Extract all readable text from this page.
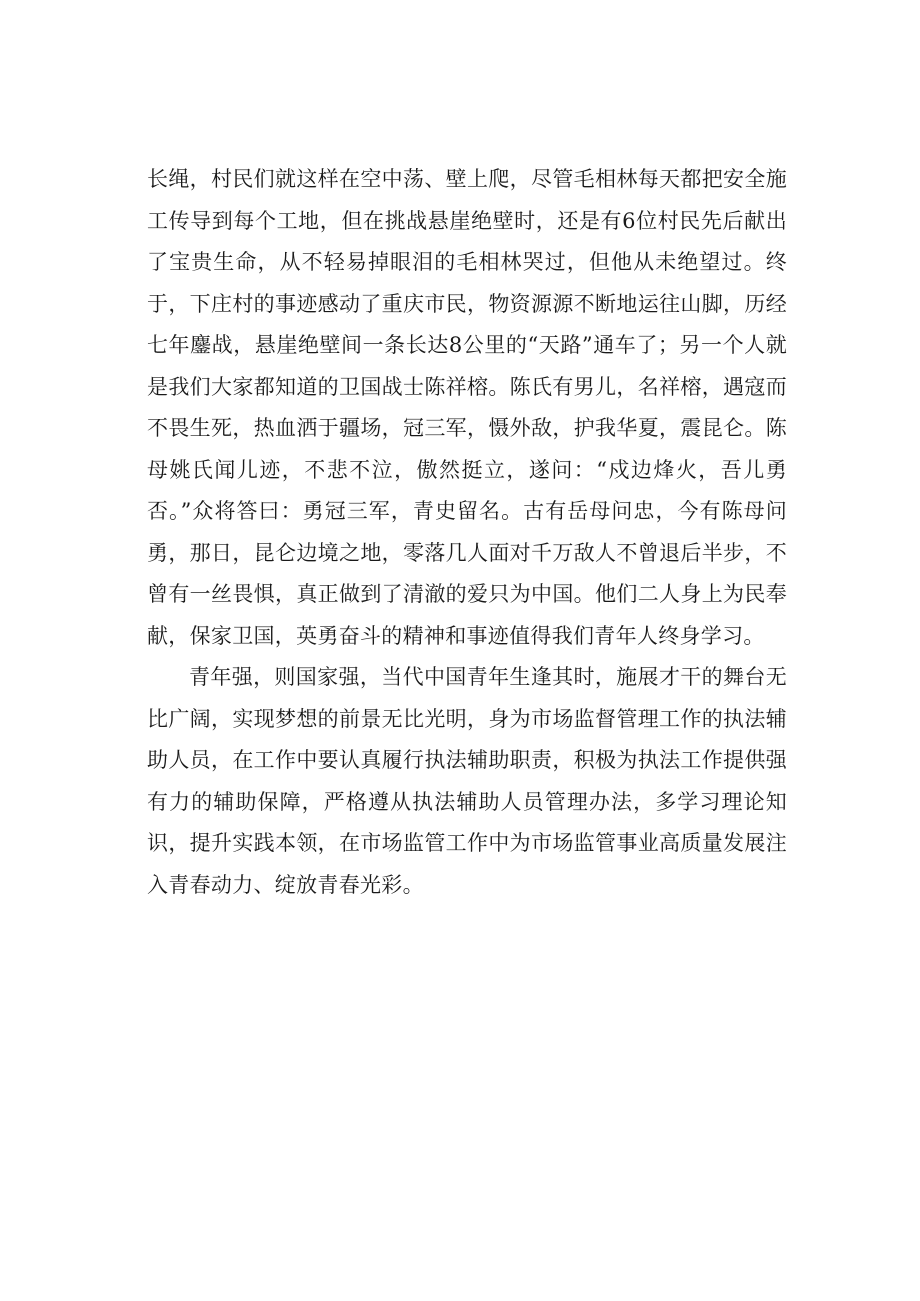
长绳，村民们就这样在空中荡、壁上爬，尽管毛相林每天都把安全施工传导到每个工地，但在挑战悬崖绝壁时，还是有6位村民先后献出了宝贵生命，从不轻易掉眼泪的毛相林哭过，但他从未绝望过。终于，下庄村的事迹感动了重庆市民，物资源源不断地运往山脚，历经七年鏖战，悬崖绝壁间一条长达8公里的“天路”通车了；另一个人就是我们大家都知道的卫国战士陈祥榕。陈氏有男儿，名祥榕，遇寇而不畏生死，热血洒于疆场，冠三军，慑外敌，护我华夏，震昆仑。陈母姚氏闻儿迹，不悲不泣，傲然挺立，遂问：“戍边烽火，吾儿勇否。”众将答曰：勇冠三军，青史留名。古有岳母问忠，今有陈母问勇，那日，昆仑边境之地，零落几人面对千万敌人不曾退后半步，不曾有一丝畏惧，真正做到了清澈的爱只为中国。他们二人身上为民奉献，保家卫国，英勇奋斗的精神和事迹值得我们青年人终身学习。

青年强，则国家强，当代中国青年生逢其时，施展才干的舞台无比广阔，实现梦想的前景无比光明，身为市场监督管理工作的执法辅助人员，在工作中要认真履行执法辅助职责，积极为执法工作提供强有力的辅助保障，严格遵从执法辅助人员管理办法，多学习理论知识，提升实践本领，在市场监管工作中为市场监管事业高质量发展注入青春动力、绽放青春光彩。
